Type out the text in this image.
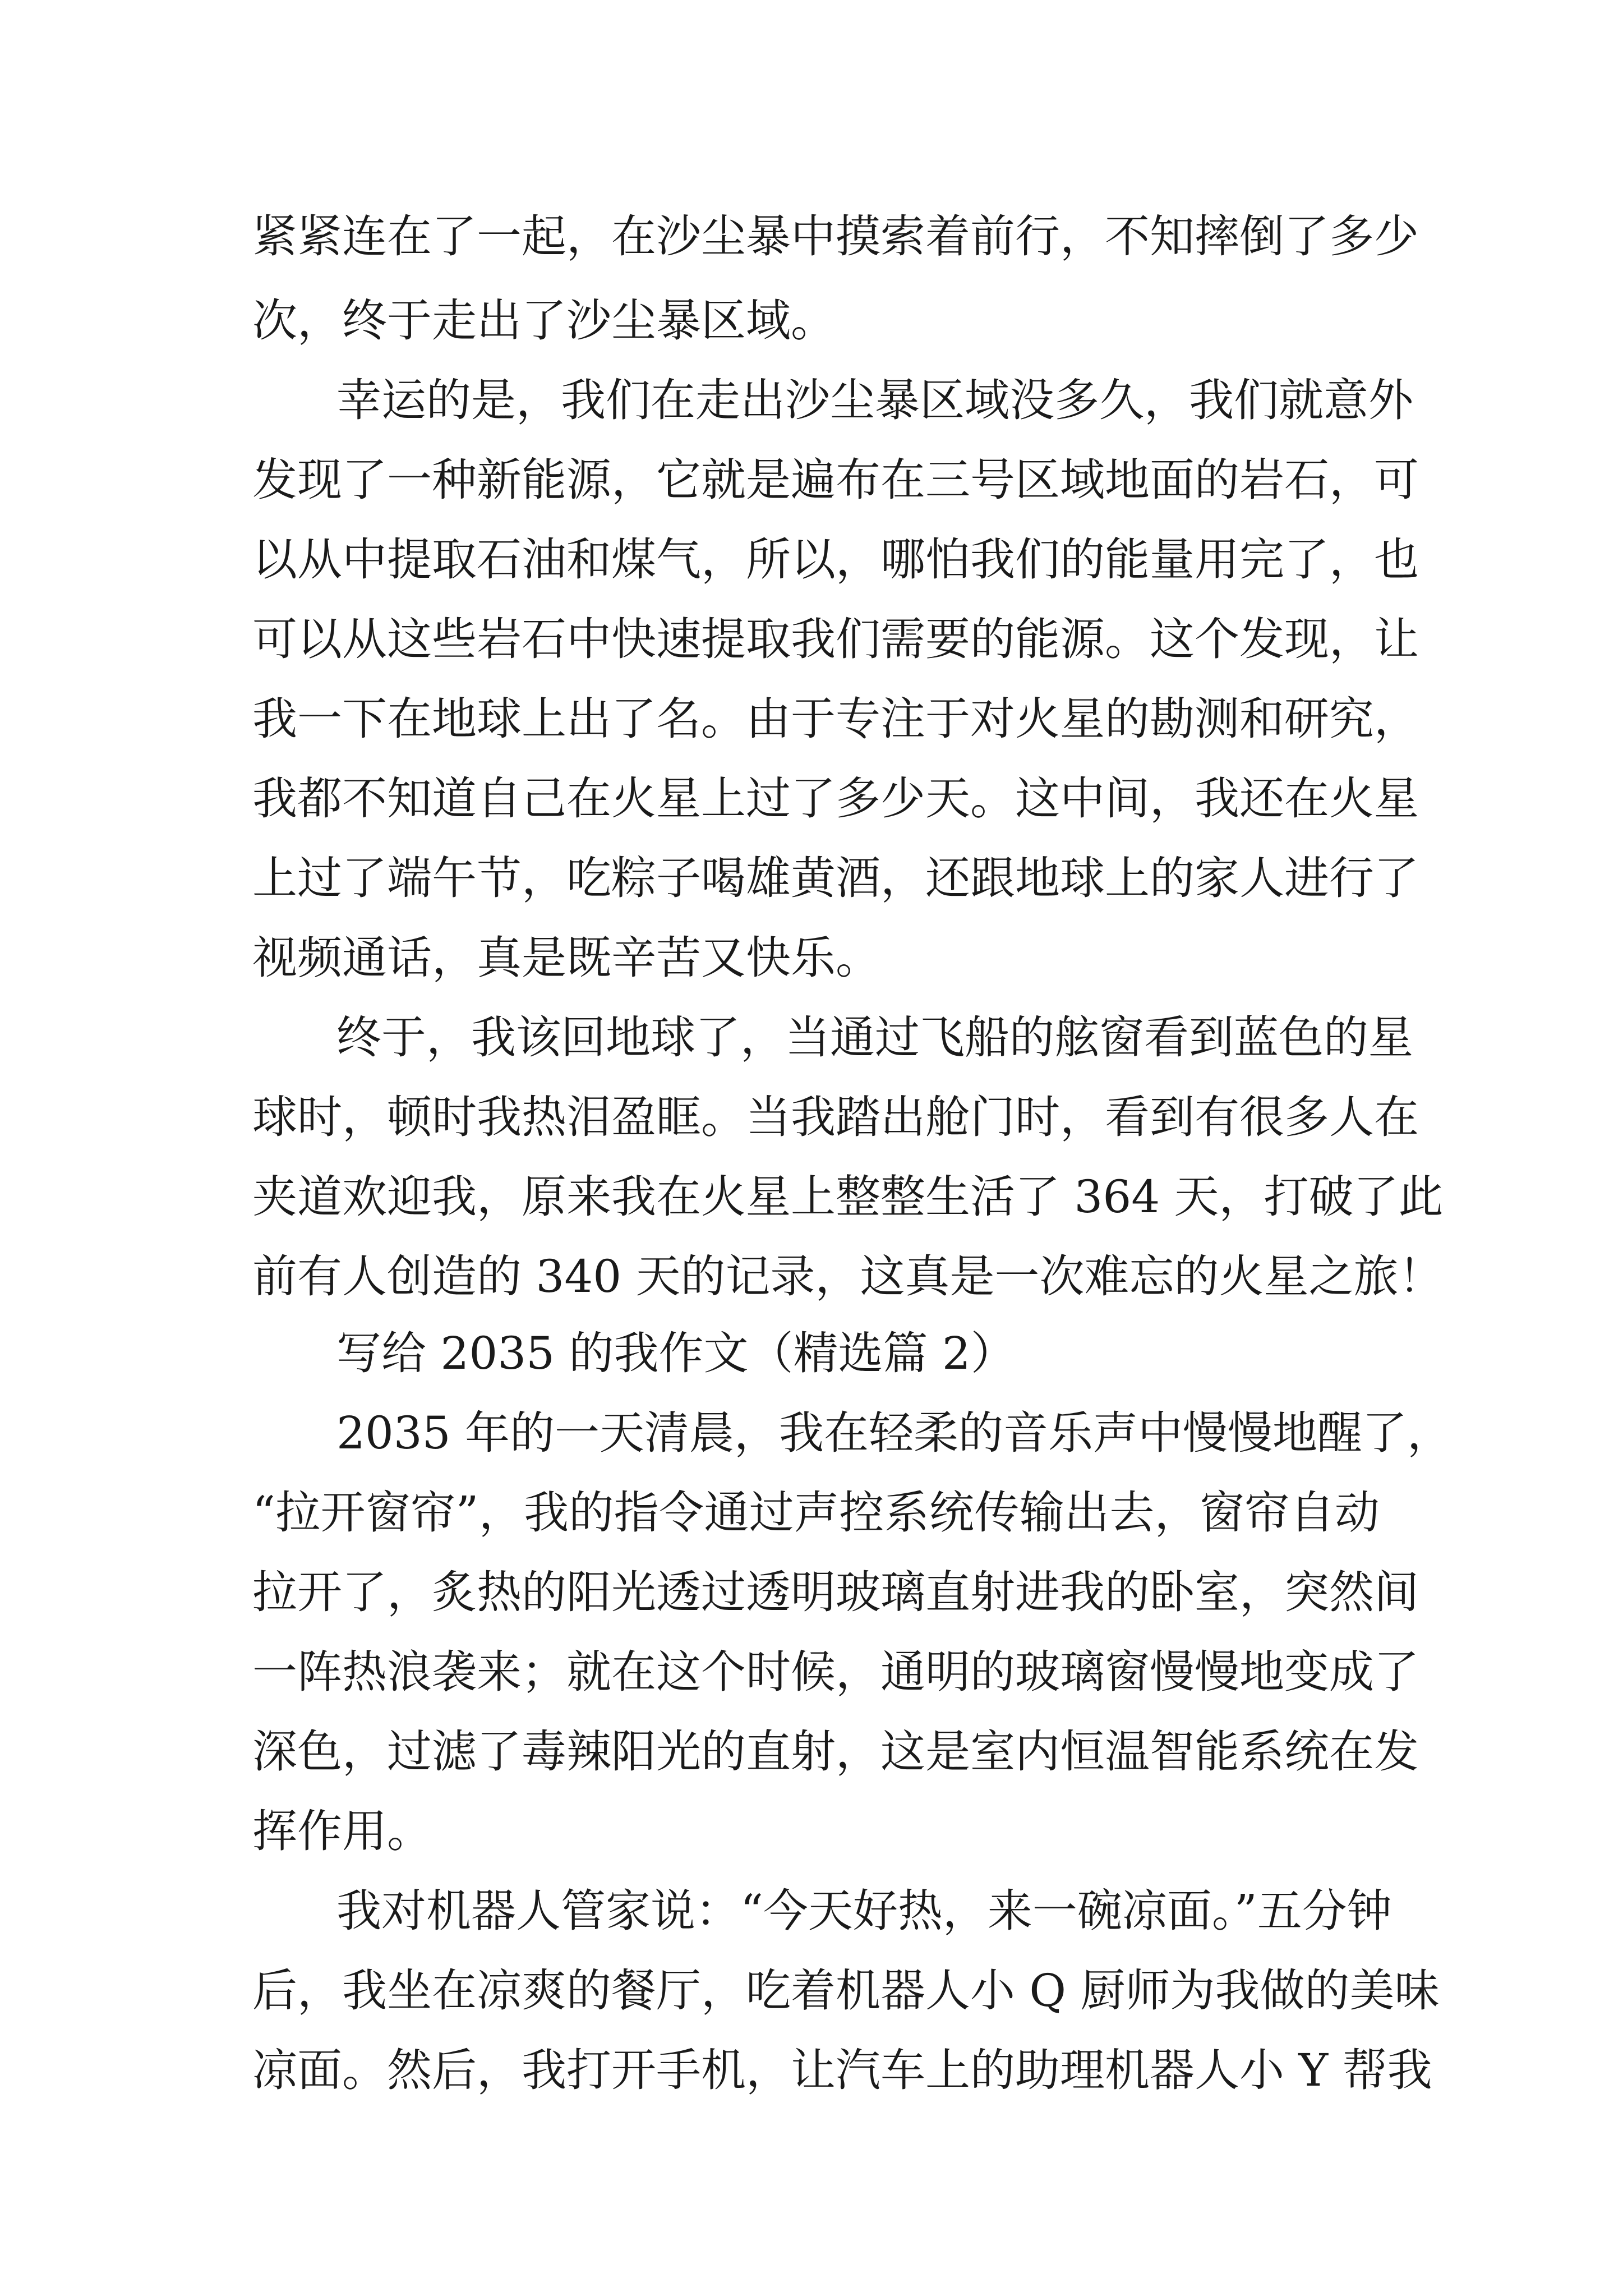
紧紧连在了一起，在沙尘暴中摸索着前行，不知摔倒了多少

次，终于走出了沙尘暴区域。

幸运的是，我们在走出沙尘暴区域没多久，我们就意外

发现了一种新能源，它就是遍布在三号区域地面的岩石，可

以从中提取石油和煤气，所以，哪怕我们的能量用完了，也

可以从这些岩石中快速提取我们需要的能源。这个发现，让

我一下在地球上出了名。由于专注于对火星的勘测和研究，

我都不知道自己在火星上过了多少天。这中间，我还在火星

上过了端午节，吃粽子喝雄黄酒，还跟地球上的家人进行了

视频通话，真是既辛苦又快乐。

终于，我该回地球了，当通过飞船的舷窗看到蓝色的星

球时，顿时我热泪盈眶。当我踏出舱门时，看到有很多人在

夹道欢迎我，原来我在火星上整整生活了 364 天，打破了此

前有人创造的 340 天的记录，这真是一次难忘的火星之旅！

写给 2035 的我作文（精选篇 2）

2035 年的一天清晨，我在轻柔的音乐声中慢慢地醒了，

“拉开窗帘”，我的指令通过声控系统传输出去，窗帘自动

拉开了，炙热的阳光透过透明玻璃直射进我的卧室，突然间

一阵热浪袭来；就在这个时候，通明的玻璃窗慢慢地变成了

深色，过滤了毒辣阳光的直射，这是室内恒温智能系统在发

挥作用。

我对机器人管家说：“今天好热，来一碗凉面。”五分钟

后，我坐在凉爽的餐厅，吃着机器人小 Q 厨师为我做的美味

凉面。然后，我打开手机，让汽车上的助理机器人小 Y 帮我
